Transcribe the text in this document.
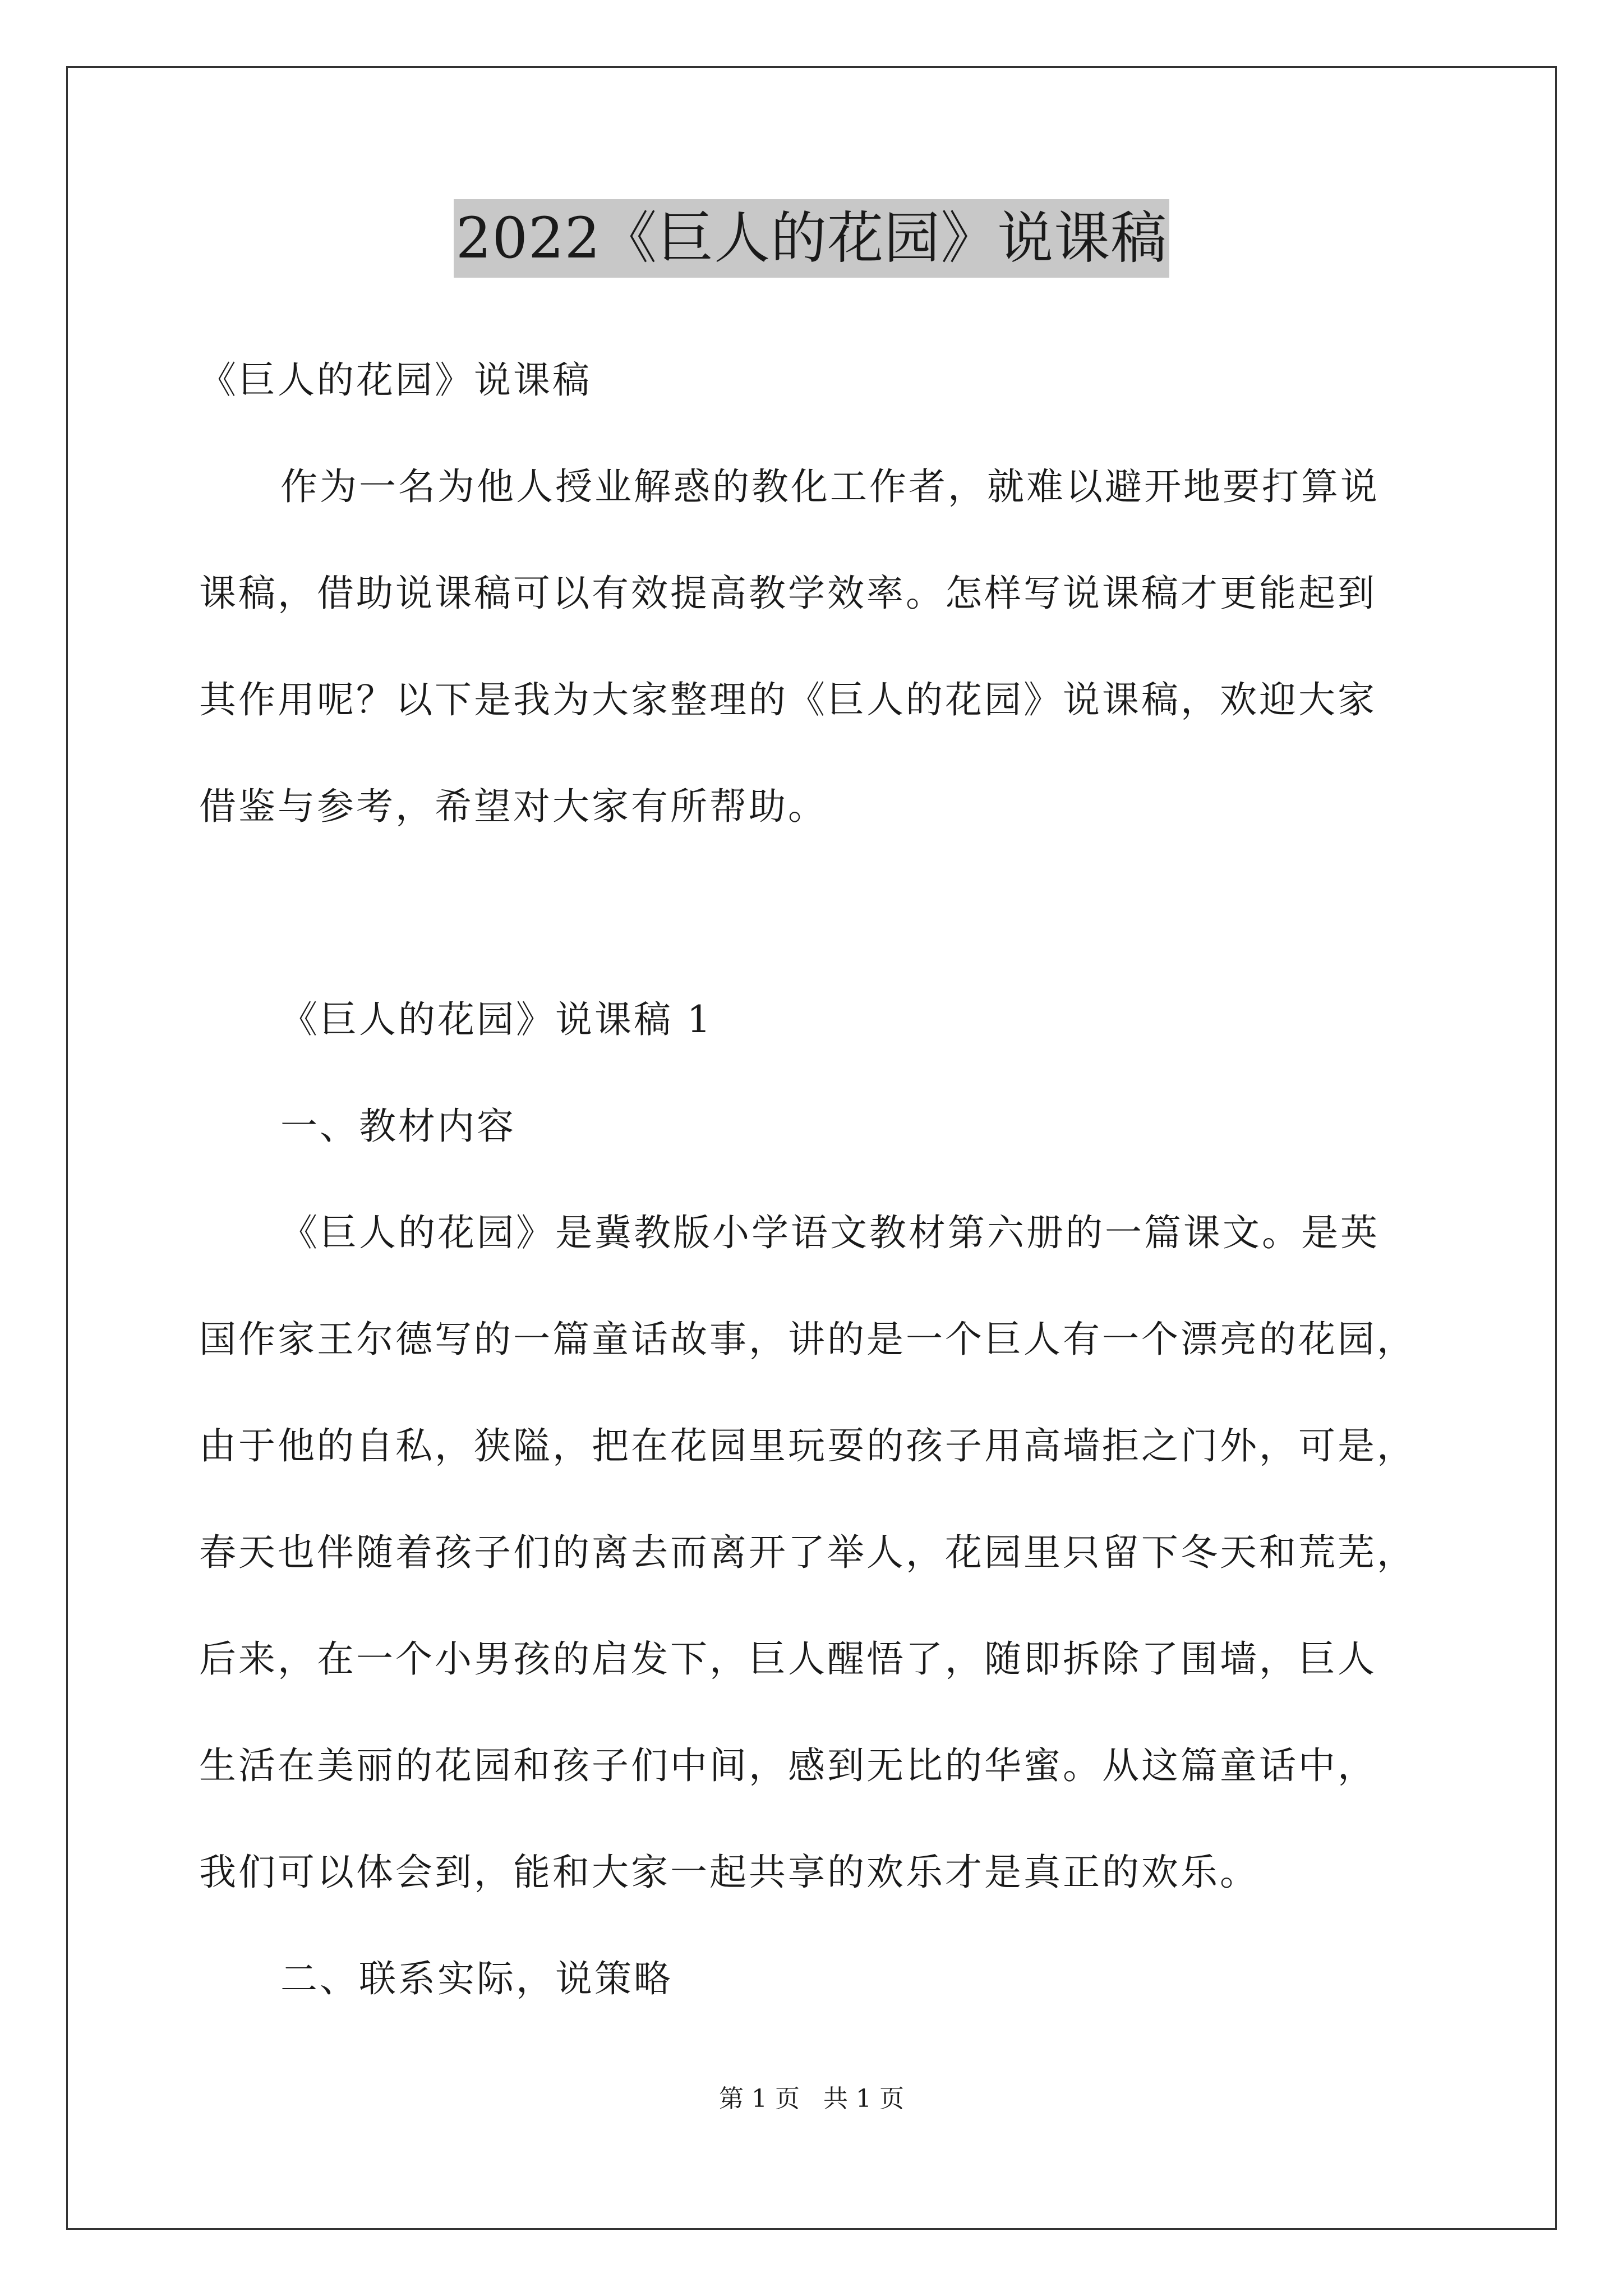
2022《巨人的花园》说课稿
《巨人的花园》说课稿
作为一名为他人授业解惑的教化工作者，就难以避开地要打算说
课稿，借助说课稿可以有效提高教学效率。怎样写说课稿才更能起到
其作用呢？以下是我为大家整理的《巨人的花园》说课稿，欢迎大家
借鉴与参考，希望对大家有所帮助。
《巨人的花园》说课稿 1
一、教材内容
《巨人的花园》是冀教版小学语文教材第六册的一篇课文。是英
国作家王尔德写的一篇童话故事，讲的是一个巨人有一个漂亮的花园，
由于他的自私，狭隘，把在花园里玩耍的孩子用高墙拒之门外，可是，
春天也伴随着孩子们的离去而离开了举人，花园里只留下冬天和荒芜，
后来，在一个小男孩的启发下，巨人醒悟了，随即拆除了围墙，巨人
生活在美丽的花园和孩子们中间，感到无比的华蜜。从这篇童话中，
我们可以体会到，能和大家一起共享的欢乐才是真正的欢乐。
二、联系实际，说策略
第 1 页   共 1 页
